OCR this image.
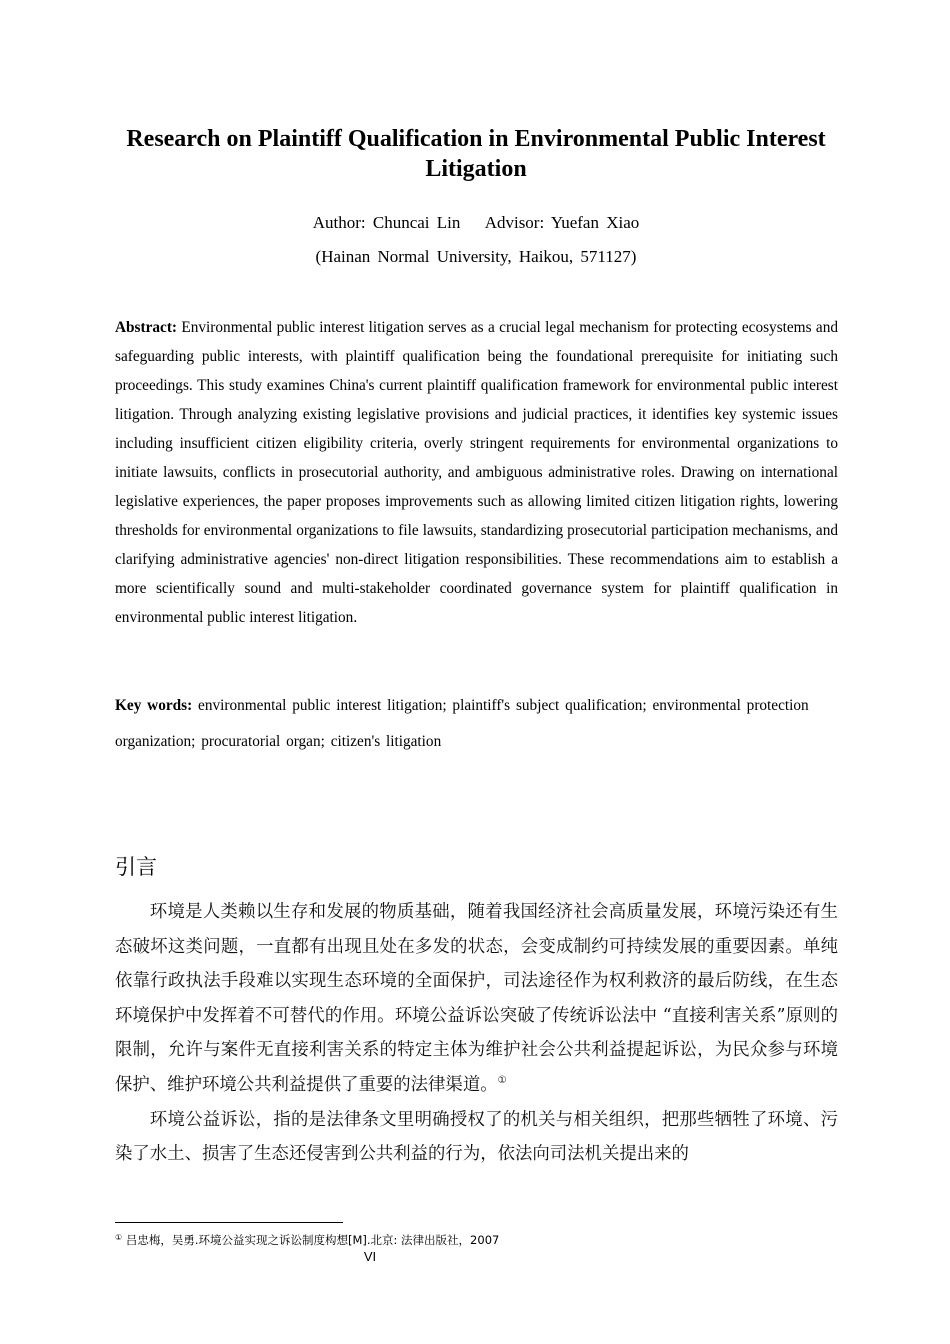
Research on Plaintiff Qualification in Environmental Public Interest Litigation
Author: Chuncai Lin Advisor: Yuefan Xiao
(Hainan Normal University, Haikou, 571127)
Abstract: Environmental public interest litigation serves as a crucial legal mechanism for protecting ecosystems and safeguarding public interests, with plaintiff qualification being the foundational prerequisite for initiating such proceedings. This study examines China's current plaintiff qualification framework for environmental public interest litigation. Through analyzing existing legislative provisions and judicial practices, it identifies key systemic issues including insufficient citizen eligibility criteria, overly stringent requirements for environmental organizations to initiate lawsuits, conflicts in prosecutorial authority, and ambiguous administrative roles. Drawing on international legislative experiences, the paper proposes improvements such as allowing limited citizen litigation rights, lowering thresholds for environmental organizations to file lawsuits, standardizing prosecutorial participation mechanisms, and clarifying administrative agencies' non-direct litigation responsibilities. These recommendations aim to establish a more scientifically sound and multi-stakeholder coordinated governance system for plaintiff qualification in environmental public interest litigation.
Key words: environmental public interest litigation; plaintiff's subject qualification; environmental protection organization; procuratorial organ; citizen's litigation
引言

环境是人类赖以生存和发展的物质基础，随着我国经济社会高质量发展，环境污染还有生态破坏这类问题，一直都有出现且处在多发的状态，会变成制约可持续发展的重要因素。单纯依靠行政执法手段难以实现生态环境的全面保护，司法途径作为权利救济的最后防线，在生态环境保护中发挥着不可替代的作用。环境公益诉讼突破了传统诉讼法中 “直接利害关系”原则的限制，允许与案件无直接利害关系的特定主体为维护社会公共利益提起诉讼，为民众参与环境保护、维护环境公共利益提供了重要的法律渠道。①

环境公益诉讼，指的是法律条文里明确授权了的机关与相关组织，把那些牺牲了环境、污染了水土、损害了生态还侵害到公共利益的行为，依法向司法机关提出来的

① 吕忠梅，吴勇.环境公益实现之诉讼制度构想[M].北京: 法律出版社，2007
VI
